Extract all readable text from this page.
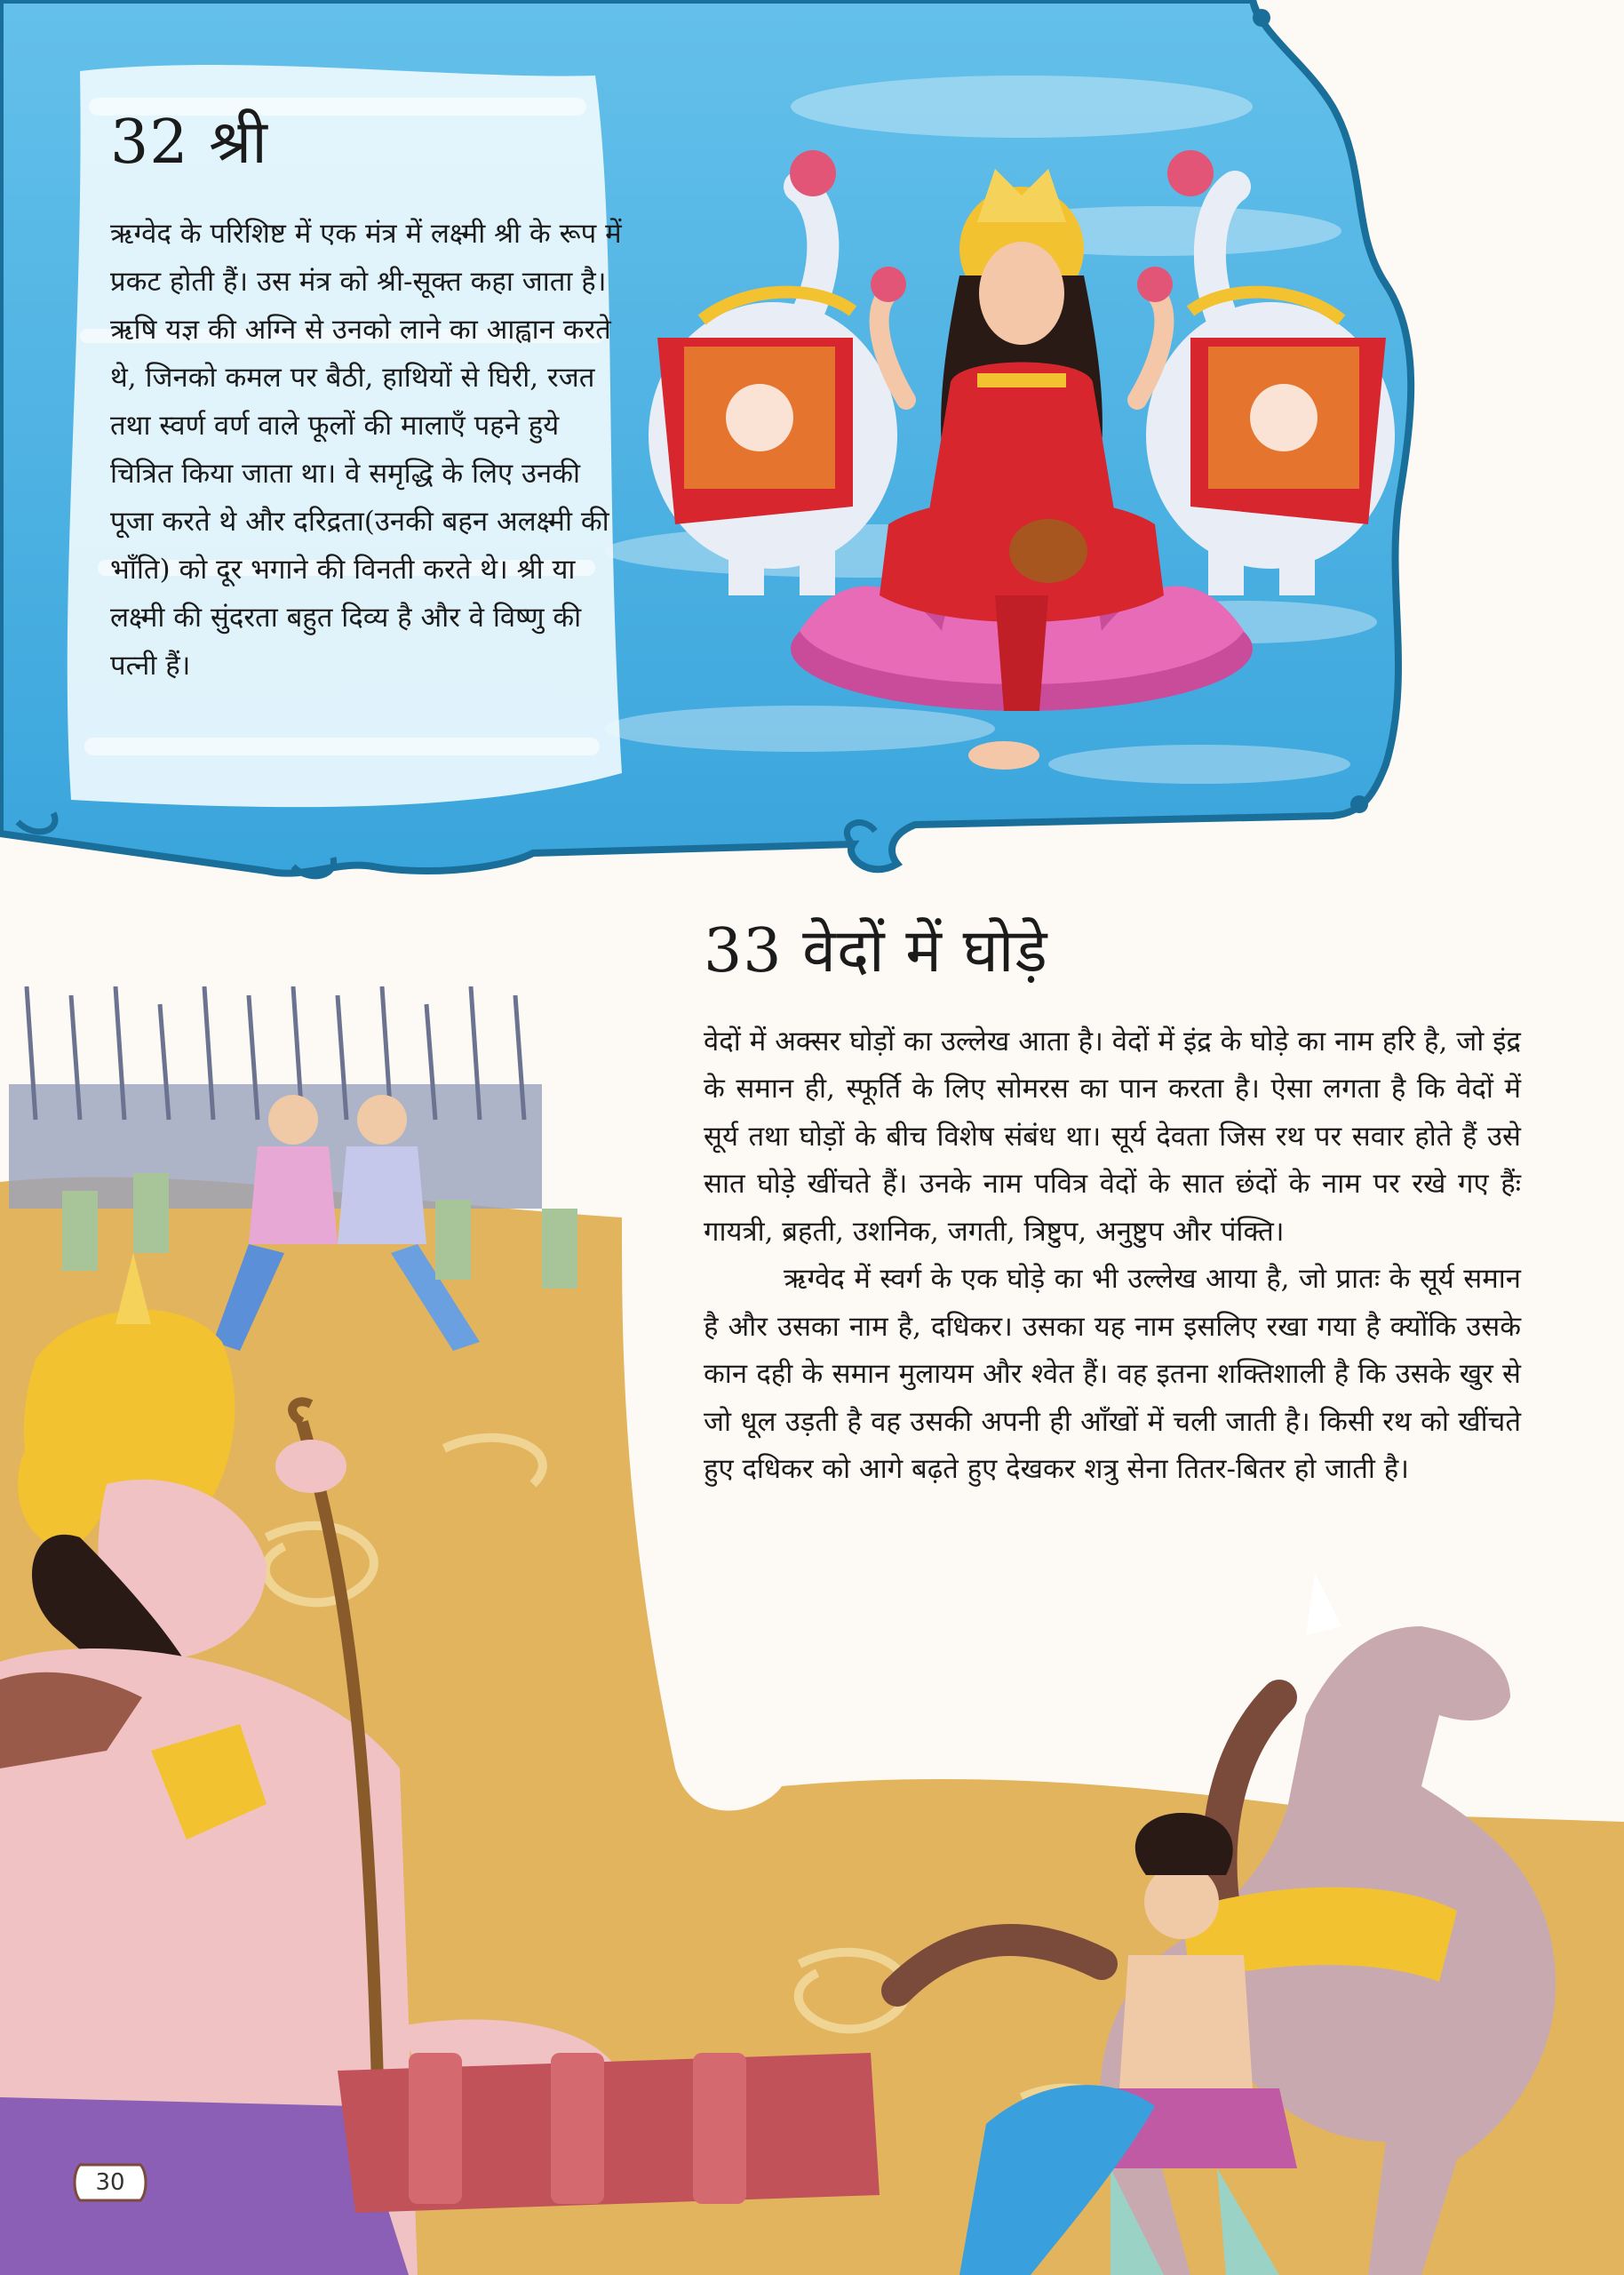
32 श्री

ऋग्वेद के परिशिष्ट में एक मंत्र में लक्ष्मी श्री के रूप में प्रकट होती हैं। उस मंत्र को श्री-सूक्त कहा जाता है। ऋषि यज्ञ की अग्नि से उनको लाने का आह्वान करते थे, जिनको कमल पर बैठी, हाथियों से घिरी, रजत तथा स्वर्ण वर्ण वाले फूलों की मालाएँ पहने हुये चित्रित किया जाता था। वे समृद्धि के लिए उनकी पूजा करते थे और दरिद्रता(उनकी बहन अलक्ष्मी की भाँति) को दूर भगाने की विनती करते थे। श्री या लक्ष्मी की सुंदरता बहुत दिव्य है और वे विष्णु की पत्नी हैं।

33 वेदों में घोड़े

वेदों में अक्सर घोड़ों का उल्लेख आता है। वेदों में इंद्र के घोड़े का नाम हरि है, जो इंद्र के समान ही, स्फूर्ति के लिए सोमरस का पान करता है। ऐसा लगता है कि वेदों में सूर्य तथा घोड़ों के बीच विशेष संबंध था। सूर्य देवता जिस रथ पर सवार होते हैं उसे सात घोड़े खींचते हैं। उनके नाम पवित्र वेदों के सात छंदों के नाम पर रखे गए हैंः गायत्री, ब्रहती, उशनिक, जगती, त्रिष्टुप, अनुष्टुप और पंक्ति।

ऋग्वेद में स्वर्ग के एक घोड़े का भी उल्लेख आया है, जो प्रातः के सूर्य समान है और उसका नाम है, दधिकर। उसका यह नाम इसलिए रखा गया है क्योंकि उसके कान दही के समान मुलायम और श्वेत हैं। वह इतना शक्तिशाली है कि उसके खुर से जो धूल उड़ती है वह उसकी अपनी ही आँखों में चली जाती है। किसी रथ को खींचते हुए दधिकर को आगे बढ़ते हुए देखकर शत्रु सेना तितर-बितर हो जाती है।

30
